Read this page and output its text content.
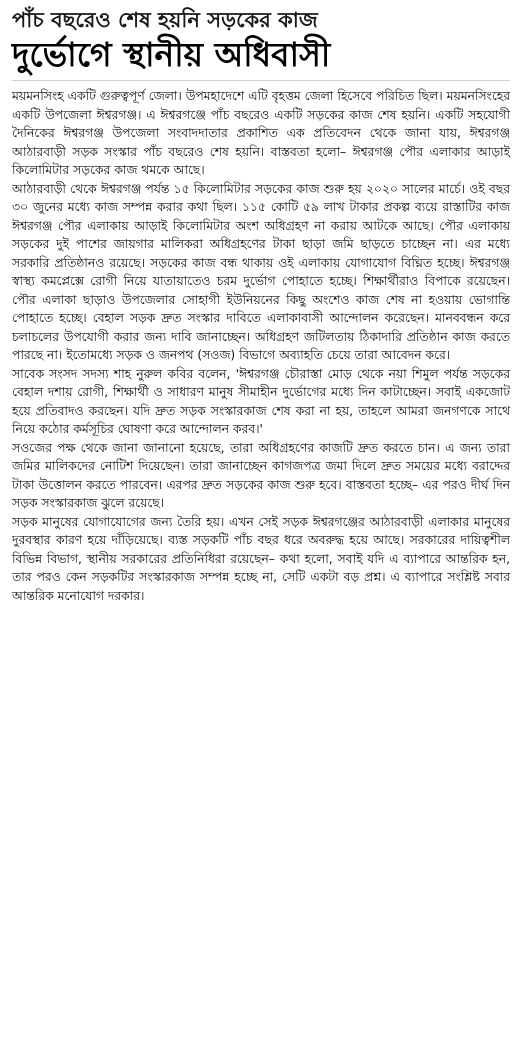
পাঁচ বছরেও শেষ হয়নি সড়কের কাজ
দুর্ভোগে স্থানীয় অধিবাসী

ময়মনসিংহ একটি গুরুত্বপূর্ণ জেলা। উপমহাদেশে এটি বৃহত্তম জেলা হিসেবে পরিচিত ছিল। ময়মনসিংহের একটি উপজেলা ঈশ্বরগঞ্জ। এ ঈশ্বরগঞ্জে পাঁচ বছরেও একটি সড়কের কাজ শেষ হয়নি। একটি সহযোগী দৈনিকের ঈশ্বরগঞ্জ উপজেলা সংবাদদাতার প্রকাশিত এক প্রতিবেদন থেকে জানা যায়, ঈশ্বরগঞ্জ আঠারবাড়ী সড়ক সংস্কার পাঁচ বছরেও শেষ হয়নি। বাস্তবতা হলো– ঈশ্বরগঞ্জ পৌর এলাকার আড়াই কিলোমিটার সড়কের কাজ থমকে আছে।

আঠারবাড়ী থেকে ঈশ্বরগঞ্জ পর্যন্ত ১৫ কিলোমিটার সড়কের কাজ শুরু হয় ২০২০ সালের মার্চে। ওই বছর ৩০ জুনের মধ্যে কাজ সম্পন্ন করার কথা ছিল। ১১৫ কোটি ৫৯ লাখ টাকার প্রকল্প ব্যয়ে রাস্তাটির কাজ ঈশ্বরগঞ্জ পৌর এলাকায় আড়াই কিলোমিটার অংশ অধিগ্রহণ না করায় আটকে আছে। পৌর এলাকায় সড়কের দুই পাশের জায়গার মালিকরা অধিগ্রহণের টাকা ছাড়া জমি ছাড়তে চাচ্ছেন না। এর মধ্যে সরকারি প্রতিষ্ঠানও রয়েছে। সড়কের কাজ বন্ধ থাকায় ওই এলাকায় যোগাযোগ বিঘ্নিত হচ্ছে। ঈশ্বরগঞ্জ স্বাস্থ্য কমপ্লেক্সে রোগী নিয়ে যাতায়াতেও চরম দুর্ভোগ পোহাতে হচ্ছে। শিক্ষার্থীরাও বিপাকে রয়েছেন। পৌর এলাকা ছাড়াও উপজেলার সোহাগী ইউনিয়নের কিছু অংশেও কাজ শেষ না হওয়ায় ভোগান্তি পোহাতে হচ্ছে। বেহাল সড়ক দ্রুত সংস্কার দাবিতে এলাকাবাসী আন্দোলন করেছেন। মানববন্ধন করে চলাচলের উপযোগী করার জন্য দাবি জানাচ্ছেন। অধিগ্রহণ জটিলতায় ঠিকাদারি প্রতিষ্ঠান কাজ করতে পারছে না। ইতোমধ্যে সড়ক ও জনপথ (সওজ) বিভাগে অব্যাহতি চেয়ে তারা আবেদন করে।

সাবেক সংসদ সদস্য শাহ নুরুল কবির বলেন, 'ঈশ্বরগঞ্জ চৌরাস্তা মোড় থেকে নয়া শিমুল পর্যন্ত সড়কের বেহাল দশায় রোগী, শিক্ষার্থী ও সাধারণ মানুষ সীমাহীন দুর্ভোগের মধ্যে দিন কাটাচ্ছেন। সবাই একজোট হয়ে প্রতিবাদও করছেন। যদি দ্রুত সড়ক সংস্কারকাজ শেষ করা না হয়, তাহলে আমরা জনগণকে সাথে নিয়ে কঠোর কর্মসূচির ঘোষণা করে আন্দোলন করব।'

সওজের পক্ষ থেকে জানা জানানো হয়েছে, তারা অধিগ্রহণের কাজটি দ্রুত করতে চান। এ জন্য তারা জমির মালিকদের নোটিশ দিয়েছেন। তারা জানাচ্ছেন কাগজপত্র জমা দিলে দ্রুত সময়ের মধ্যে বরাদ্দের টাকা উত্তোলন করতে পারবেন। এরপর দ্রুত সড়কের কাজ শুরু হবে। বাস্তবতা হচ্ছে– এর পরও দীর্ঘ দিন সড়ক সংস্কারকাজ ঝুলে রয়েছে।

সড়ক মানুষের যোগাযোগের জন্য তৈরি হয়। এখন সেই সড়ক ঈশ্বরগঞ্জের আঠারবাড়ী এলাকার মানুষের দুরবস্থার কারণ হয়ে দাঁড়িয়েছে। ব্যস্ত সড়কটি পাঁচ বছর ধরে অবরুদ্ধ হয়ে আছে। সরকারের দায়িত্বশীল বিভিন্ন বিভাগ, স্থানীয় সরকারের প্রতিনিধিরা রয়েছেন– কথা হলো, সবাই যদি এ ব্যাপারে আন্তরিক হন, তার পরও কেন সড়কটির সংস্কারকাজ সম্পন্ন হচ্ছে না, সেটি একটা বড় প্রশ্ন। এ ব্যাপারে সংশ্লিষ্ট সবার আন্তরিক মনোযোগ দরকার।
